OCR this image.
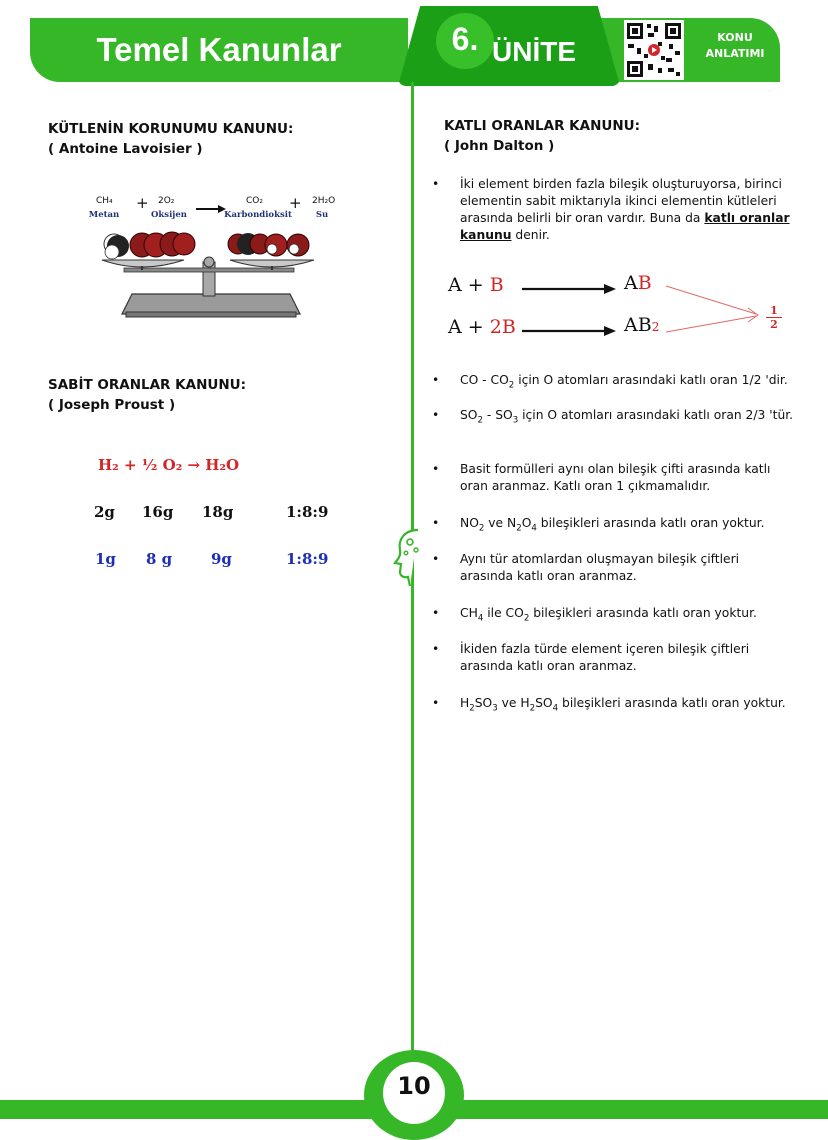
Temel Kanunlar	6. ÜNİTE	KONU
ANLATIMI
KÜTLENİN KORUNUMU KANUNU:
( Antoine Lavoisier )
CH₄ + 2O₂	CO₂ + 2H₂O
Metan	Oksijen	Karbondioksit	Su
SABİT ORANLAR KANUNU:
( Joseph Proust )
H₂ + ½ O₂ → H₂O
2g 16g 18g	1:8:9
1g 8 g	9g	1:8:9
KATLI ORANLAR KANUNU:
( John Dalton )
• İki element birden fazla bileşik oluşturuyorsa, birinci elementin sabit miktarıyla ikinci elementin kütleleri arasında belirli bir oran vardır. Buna da katlı oranlar kanunu denir.
A + B
A + 2B
AB
AB2	$\frac{1}{2}$
• CO - $CO_2$ için O atomları arasındaki katlı oran 1/2 'dir.
• $SO_2 - SO_3$ için O atomları arasındaki katlı oran 2/3 'tür.
• Basit formülleri aynı olan bileşik çifti arasında katlı oran aranmaz. Katlı oran 1 çıkmamalıdır.
• $NO_2$ ve $N_2O_4$ bileşikleri arasında katlı oran yoktur.
• Aynı tür atomlardan oluşmayan bileşik çiftleri arasında katlı oran aranmaz.
• $CH_4$ ile $CO_2$ bileşikleri arasında katlı oran yoktur.
• İkiden fazla türde element içeren bileşik çiftleri arasında katlı oran aranmaz.
• $H_2SO_3$ ve $H_2SO_4$ bileşikleri arasında katlı oran yoktur.
10
